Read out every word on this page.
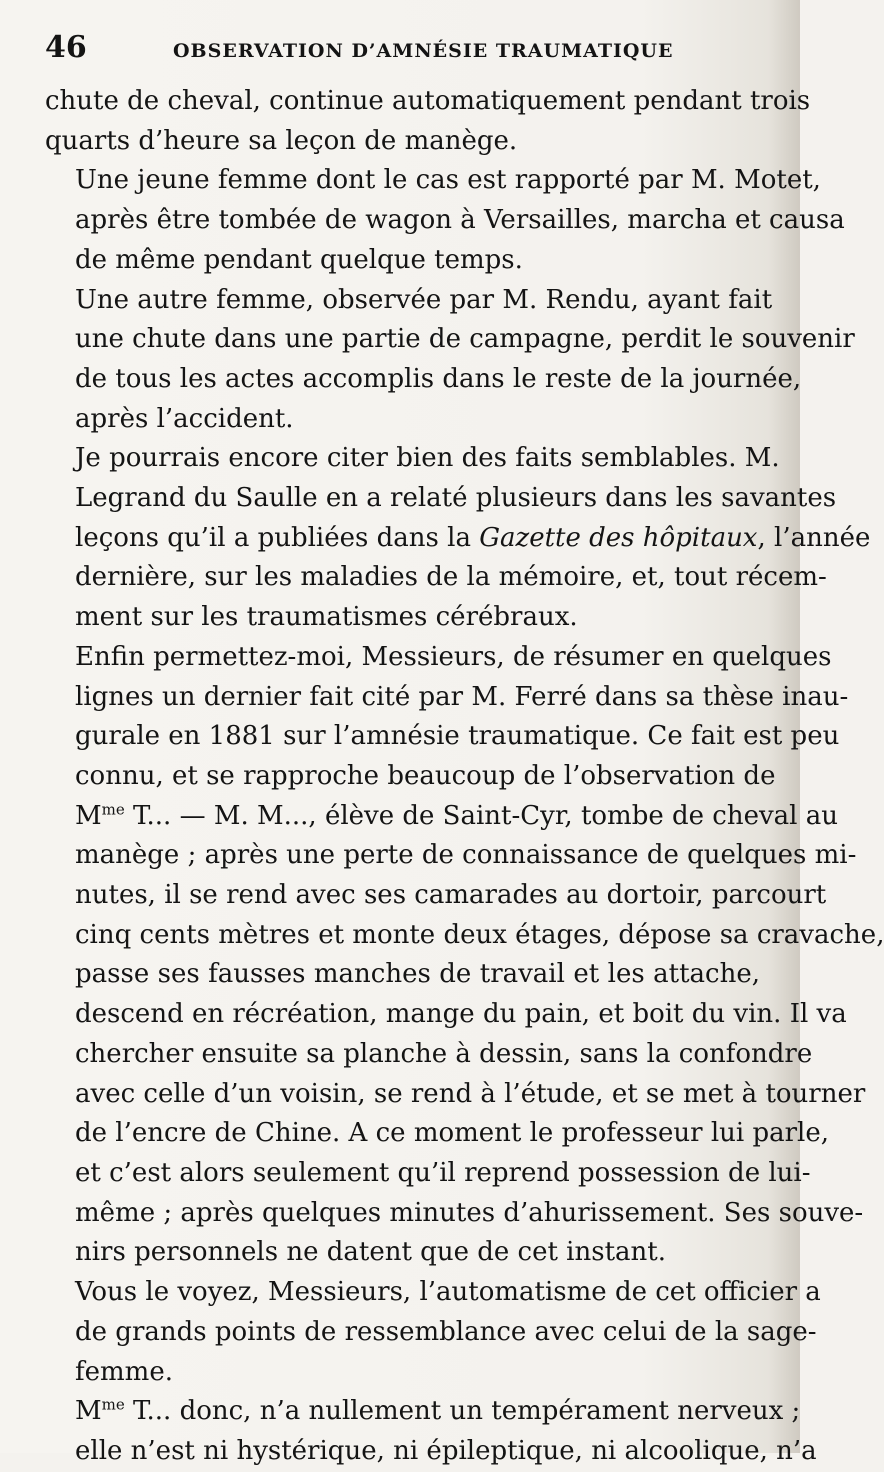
46	OBSERVATION D’AMNÉSIE TRAUMATIQUE

chute de cheval, continue automatiquement pendant trois
quarts d’heure sa leçon de manège.

Une jeune femme dont le cas est rapporté par M. Motet,
après être tombée de wagon à Versailles, marcha et causa
de même pendant quelque temps.

Une autre femme, observée par M. Rendu, ayant fait
une chute dans une partie de campagne, perdit le souvenir
de tous les actes accomplis dans le reste de la journée,
après l’accident.

Je pourrais encore citer bien des faits semblables. M.
Legrand du Saulle en a relaté plusieurs dans les savantes
leçons qu’il a publiées dans la Gazette des hôpitaux, l’année
dernière, sur les maladies de la mémoire, et, tout récem-
ment sur les traumatismes cérébraux.

Enfin permettez-moi, Messieurs, de résumer en quelques
lignes un dernier fait cité par M. Ferré dans sa thèse inau-
gurale en 1881 sur l’amnésie traumatique. Ce fait est peu
connu, et se rapproche beaucoup de l’observation de
$M^{me}$ T... — M. M..., élève de Saint-Cyr, tombe de cheval au
manège ; après une perte de connaissance de quelques mi-
nutes, il se rend avec ses camarades au dortoir, parcourt
cinq cents mètres et monte deux étages, dépose sa cravache,
passe ses fausses manches de travail et les attache,
descend en récréation, mange du pain, et boit du vin. Il va
chercher ensuite sa planche à dessin, sans la confondre
avec celle d’un voisin, se rend à l’étude, et se met à tourner
de l’encre de Chine. A ce moment le professeur lui parle,
et c’est alors seulement qu’il reprend possession de lui-
même ; après quelques minutes d’ahurissement. Ses souve-
nirs personnels ne datent que de cet instant.

Vous le voyez, Messieurs, l’automatisme de cet officier a
de grands points de ressemblance avec celui de la sage-
femme.

$M^{me}$ T... donc, n’a nullement un tempérament nerveux ;
elle n’est ni hystérique, ni épileptique, ni alcoolique, n’a
